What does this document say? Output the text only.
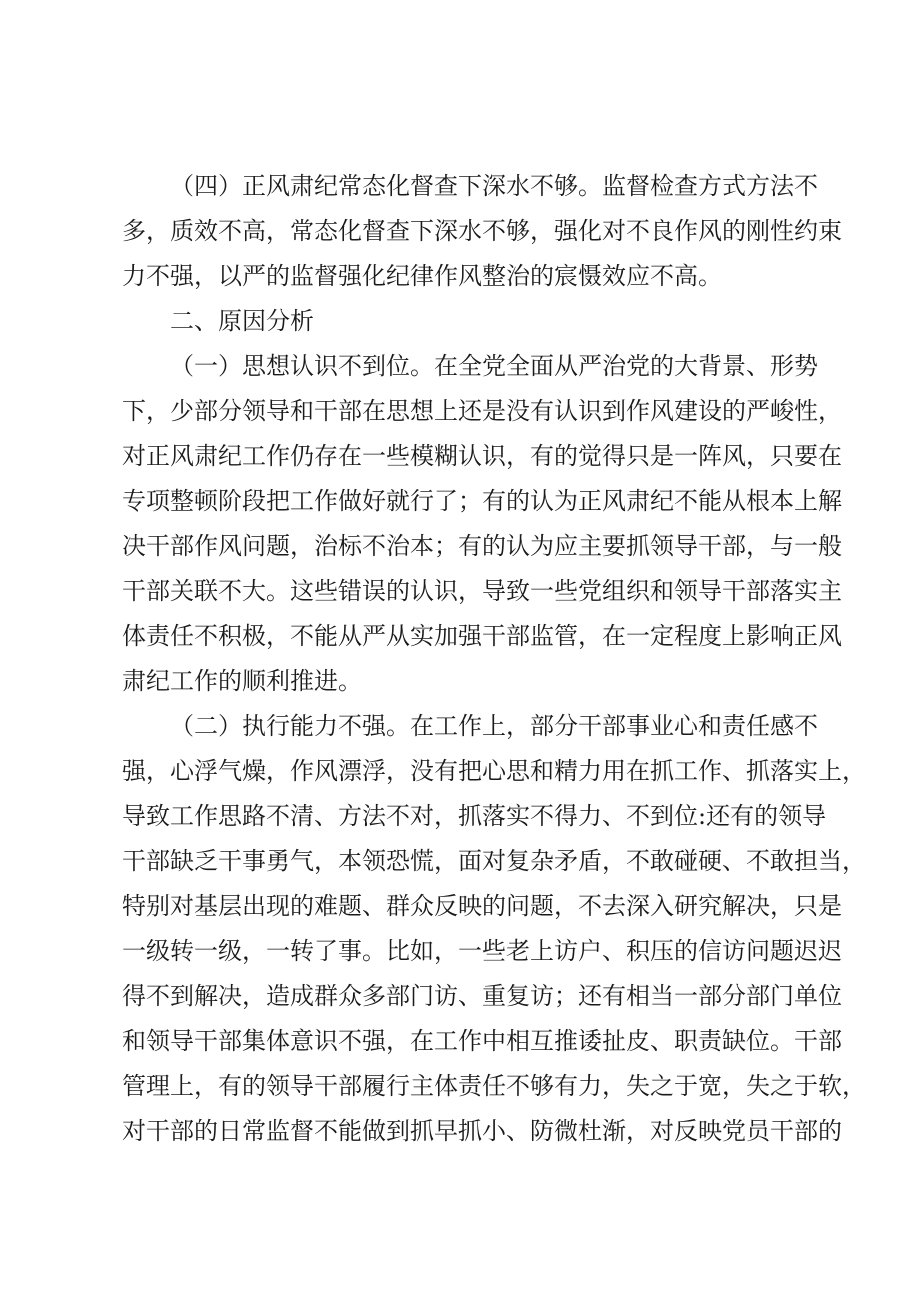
（四）正风肃纪常态化督查下深水不够。监督检查方式方法不

多，质效不高，常态化督查下深水不够，强化对不良作风的刚性约束

力不强，以严的监督强化纪律作风整治的宸慑效应不高。

二、原因分析

（一）思想认识不到位。在全党全面从严治党的大背景、形势

下，少部分领导和干部在思想上还是没有认识到作风建设的严峻性，

对正风肃纪工作仍存在一些模糊认识，有的觉得只是一阵风，只要在

专项整顿阶段把工作做好就行了；有的认为正风肃纪不能从根本上解

决干部作风问题，治标不治本；有的认为应主要抓领导干部，与一般

干部关联不大。这些错误的认识，导致一些党组织和领导干部落实主

体责任不积极，不能从严从实加强干部监管，在一定程度上影响正风

肃纪工作的顺利推进。

（二）执行能力不强。在工作上，部分干部事业心和责任感不

强，心浮气燥，作风漂浮，没有把心思和精力用在抓工作、抓落实上，

导致工作思路不清、方法不对，抓落实不得力、不到位:还有的领导

干部缺乏干事勇气，本领恐慌，面对复杂矛盾，不敢碰硬、不敢担当，

特别对基层出现的难题、群众反映的问题，不去深入研究解决，只是

一级转一级，一转了事。比如，一些老上访户、积压的信访问题迟迟

得不到解决，造成群众多部门访、重复访；还有相当一部分部门单位

和领导干部集体意识不强，在工作中相互推诿扯皮、职责缺位。干部

管理上，有的领导干部履行主体责任不够有力，失之于宽，失之于软，

对干部的日常监督不能做到抓早抓小、防微杜渐，对反映党员干部的
